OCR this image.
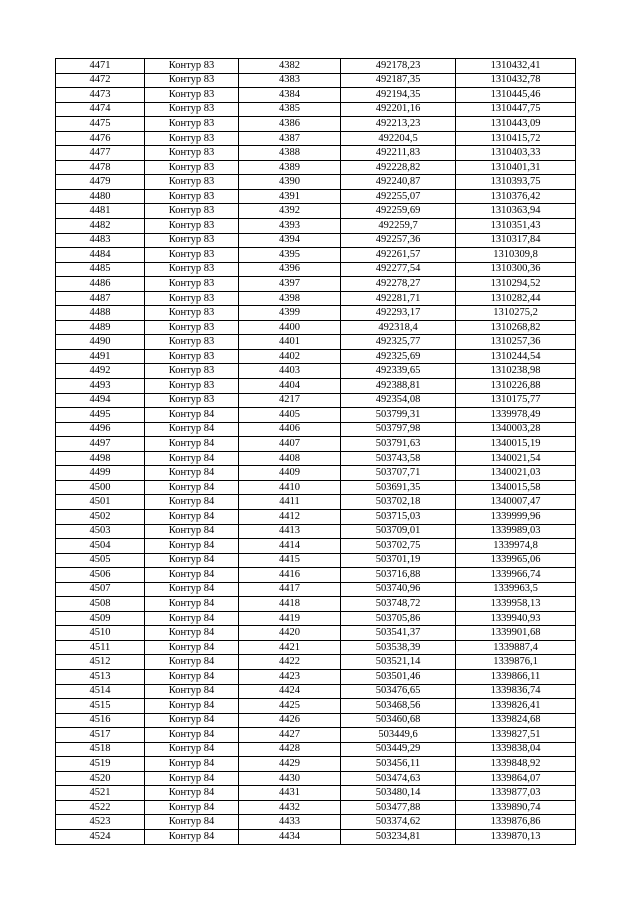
4471	Контур 83	4382	492178,23	1310432,41
4472	Контур 83	4383	492187,35	1310432,78
4473	Контур 83	4384	492194,35	1310445,46
4474	Контур 83	4385	492201,16	1310447,75
4475	Контур 83	4386	492213,23	1310443,09
4476	Контур 83	4387	492204,5	1310415,72
4477	Контур 83	4388	492211,83	1310403,33
4478	Контур 83	4389	492228,82	1310401,31
4479	Контур 83	4390	492240,87	1310393,75
4480	Контур 83	4391	492255,07	1310376,42
4481	Контур 83	4392	492259,69	1310363,94
4482	Контур 83	4393	492259,7	1310351,43
4483	Контур 83	4394	492257,36	1310317,84
4484	Контур 83	4395	492261,57	1310309,8
4485	Контур 83	4396	492277,54	1310300,36
4486	Контур 83	4397	492278,27	1310294,52
4487	Контур 83	4398	492281,71	1310282,44
4488	Контур 83	4399	492293,17	1310275,2
4489	Контур 83	4400	492318,4	1310268,82
4490	Контур 83	4401	492325,77	1310257,36
4491	Контур 83	4402	492325,69	1310244,54
4492	Контур 83	4403	492339,65	1310238,98
4493	Контур 83	4404	492388,81	1310226,88
4494	Контур 83	4217	492354,08	1310175,77
4495	Контур 84	4405	503799,31	1339978,49
4496	Контур 84	4406	503797,98	1340003,28
4497	Контур 84	4407	503791,63	1340015,19
4498	Контур 84	4408	503743,58	1340021,54
4499	Контур 84	4409	503707,71	1340021,03
4500	Контур 84	4410	503691,35	1340015,58
4501	Контур 84	4411	503702,18	1340007,47
4502	Контур 84	4412	503715,03	1339999,96
4503	Контур 84	4413	503709,01	1339989,03
4504	Контур 84	4414	503702,75	1339974,8
4505	Контур 84	4415	503701,19	1339965,06
4506	Контур 84	4416	503716,88	1339966,74
4507	Контур 84	4417	503740,96	1339963,5
4508	Контур 84	4418	503748,72	1339958,13
4509	Контур 84	4419	503705,86	1339940,93
4510	Контур 84	4420	503541,37	1339901,68
4511	Контур 84	4421	503538,39	1339887,4
4512	Контур 84	4422	503521,14	1339876,1
4513	Контур 84	4423	503501,46	1339866,11
4514	Контур 84	4424	503476,65	1339836,74
4515	Контур 84	4425	503468,56	1339826,41
4516	Контур 84	4426	503460,68	1339824,68
4517	Контур 84	4427	503449,6	1339827,51
4518	Контур 84	4428	503449,29	1339838,04
4519	Контур 84	4429	503456,11	1339848,92
4520	Контур 84	4430	503474,63	1339864,07
4521	Контур 84	4431	503480,14	1339877,03
4522	Контур 84	4432	503477,88	1339890,74
4523	Контур 84	4433	503374,62	1339876,86
4524	Контур 84	4434	503234,81	1339870,13
